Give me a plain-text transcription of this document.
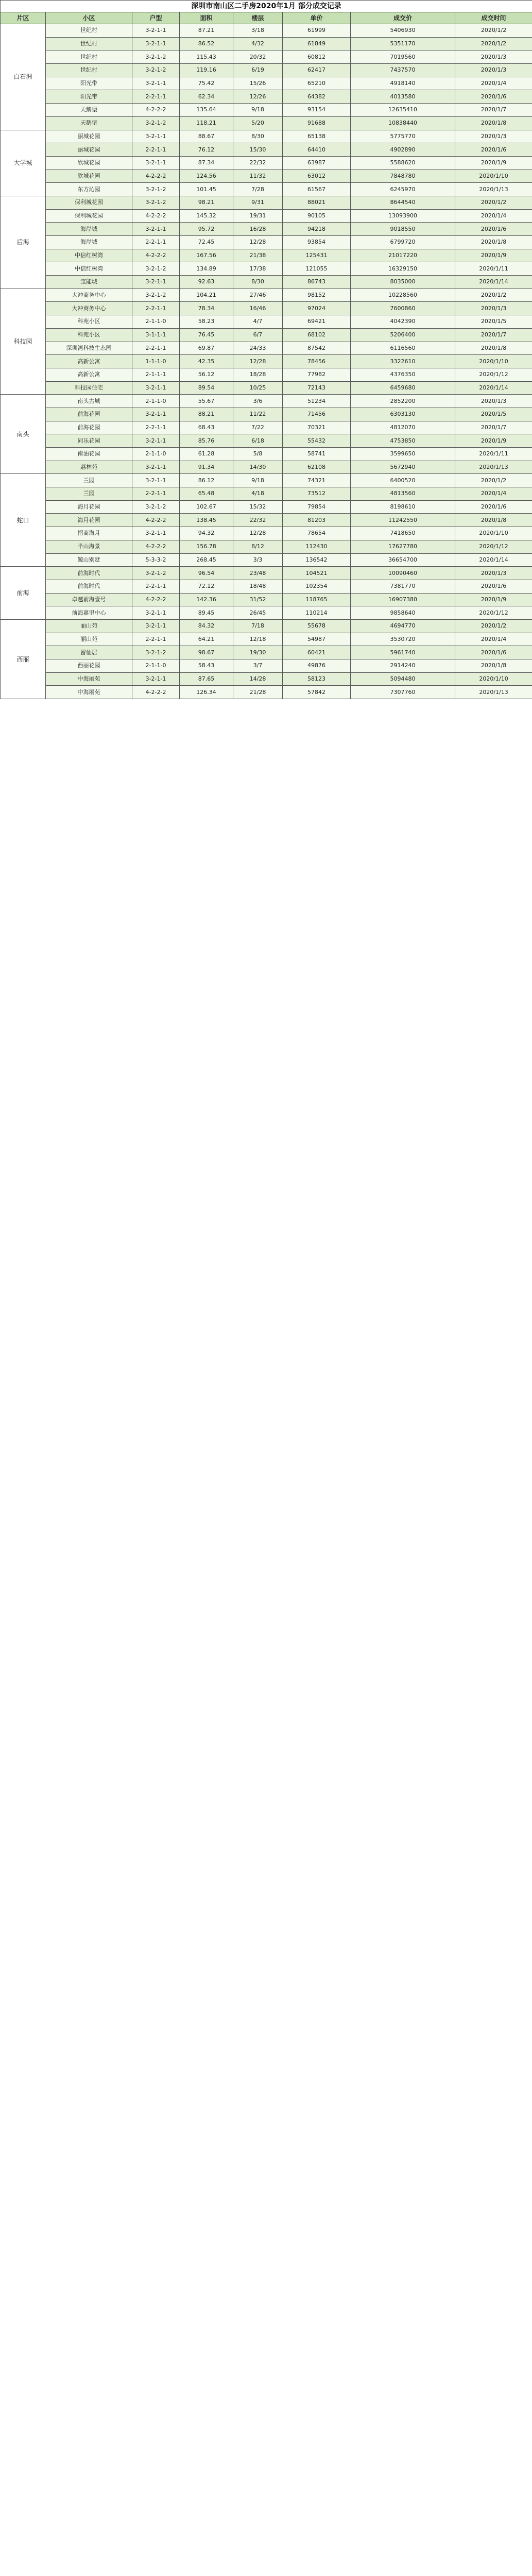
深圳市南山区二手房2020年1月 部分成交记录							
片区	小区	户型	面积	楼层	单价	成交价	成交时间
白石洲	世纪村	3-2-1-1	87.21	3/18	61999	5406930	2020/1/2
	世纪村	3-2-1-1	86.52	4/32	61849	5351170	2020/1/2
	世纪村	3-2-1-2	115.43	20/32	60812	7019560	2020/1/3
	世纪村	3-2-1-2	119.16	6/19	62417	7437570	2020/1/3
	阳光带	3-2-1-1	75.42	15/26	65210	4918140	2020/1/4
	阳光带	2-2-1-1	62.34	12/26	64382	4013580	2020/1/6
	天鹅堡	4-2-2-2	135.64	9/18	93154	12635410	2020/1/7
	天鹅堡	3-2-1-2	118.21	5/20	91688	10838440	2020/1/8
大学城	丽城花园	3-2-1-1	88.67	8/30	65138	5775770	2020/1/3
	丽城花园	2-2-1-1	76.12	15/30	64410	4902890	2020/1/6
	欣城花园	3-2-1-1	87.34	22/32	63987	5588620	2020/1/9
	欣城花园	4-2-2-2	124.56	11/32	63012	7848780	2020/1/10
	东方沁园	3-2-1-2	101.45	7/28	61567	6245970	2020/1/13
后海	保利城花园	3-2-1-2	98.21	9/31	88021	8644540	2020/1/2
	保利城花园	4-2-2-2	145.32	19/31	90105	13093900	2020/1/4
	海岸城	3-2-1-1	95.72	16/28	94218	9018550	2020/1/6
	海岸城	2-2-1-1	72.45	12/28	93854	6799720	2020/1/8
	中信红树湾	4-2-2-2	167.56	21/38	125431	21017220	2020/1/9
	中信红树湾	3-2-1-2	134.89	17/38	121055	16329150	2020/1/11
	宝能城	3-2-1-1	92.63	8/30	86743	8035000	2020/1/14
科技园	大冲商务中心	3-2-1-2	104.21	27/46	98152	10228560	2020/1/2
	大冲商务中心	2-2-1-1	78.34	16/46	97024	7600860	2020/1/3
	科苑小区	2-1-1-0	58.23	4/7	69421	4042390	2020/1/5
	科苑小区	3-1-1-1	76.45	6/7	68102	5206400	2020/1/7
	深圳湾科技生态园	2-2-1-1	69.87	24/33	87542	6116560	2020/1/8
	高新公寓	1-1-1-0	42.35	12/28	78456	3322610	2020/1/10
	高新公寓	2-1-1-1	56.12	18/28	77982	4376350	2020/1/12
	科技园住宅	3-2-1-1	89.54	10/25	72143	6459680	2020/1/14
南头	南头古城	2-1-1-0	55.67	3/6	51234	2852200	2020/1/3
	前海花园	3-2-1-1	88.21	11/22	71456	6303130	2020/1/5
	前海花园	2-2-1-1	68.43	7/22	70321	4812070	2020/1/7
	同乐花园	3-2-1-1	85.76	6/18	55432	4753850	2020/1/9
	南油花园	2-1-1-0	61.28	5/8	58741	3599650	2020/1/11
	荔林苑	3-2-1-1	91.34	14/30	62108	5672940	2020/1/13
蛇口	兰园	3-2-1-1	86.12	9/18	74321	6400520	2020/1/2
	兰园	2-2-1-1	65.48	4/18	73512	4813560	2020/1/4
	海月花园	3-2-1-2	102.67	15/32	79854	8198610	2020/1/6
	海月花园	4-2-2-2	138.45	22/32	81203	11242550	2020/1/8
	招商海月	3-2-1-1	94.32	12/28	78654	7418650	2020/1/10
	半山海景	4-2-2-2	156.78	8/12	112430	17627780	2020/1/12
	鲸山别墅	5-3-3-2	268.45	3/3	136542	36654700	2020/1/14
前海	前海时代	3-2-1-2	96.54	23/48	104521	10090460	2020/1/3
	前海时代	2-2-1-1	72.12	18/48	102354	7381770	2020/1/6
	卓越前海壹号	4-2-2-2	142.36	31/52	118765	16907380	2020/1/9
	前海嘉里中心	3-2-1-1	89.45	26/45	110214	9858640	2020/1/12
西丽	丽山苑	3-2-1-1	84.32	7/18	55678	4694770	2020/1/2
	丽山苑	2-2-1-1	64.21	12/18	54987	3530720	2020/1/4
	留仙居	3-2-1-2	98.67	19/30	60421	5961740	2020/1/6
	西丽花园	2-1-1-0	58.43	3/7	49876	2914240	2020/1/8
	中海丽苑	3-2-1-1	87.65	14/28	58123	5094480	2020/1/10
	中海丽苑	4-2-2-2	126.34	21/28	57842	7307760	2020/1/13
